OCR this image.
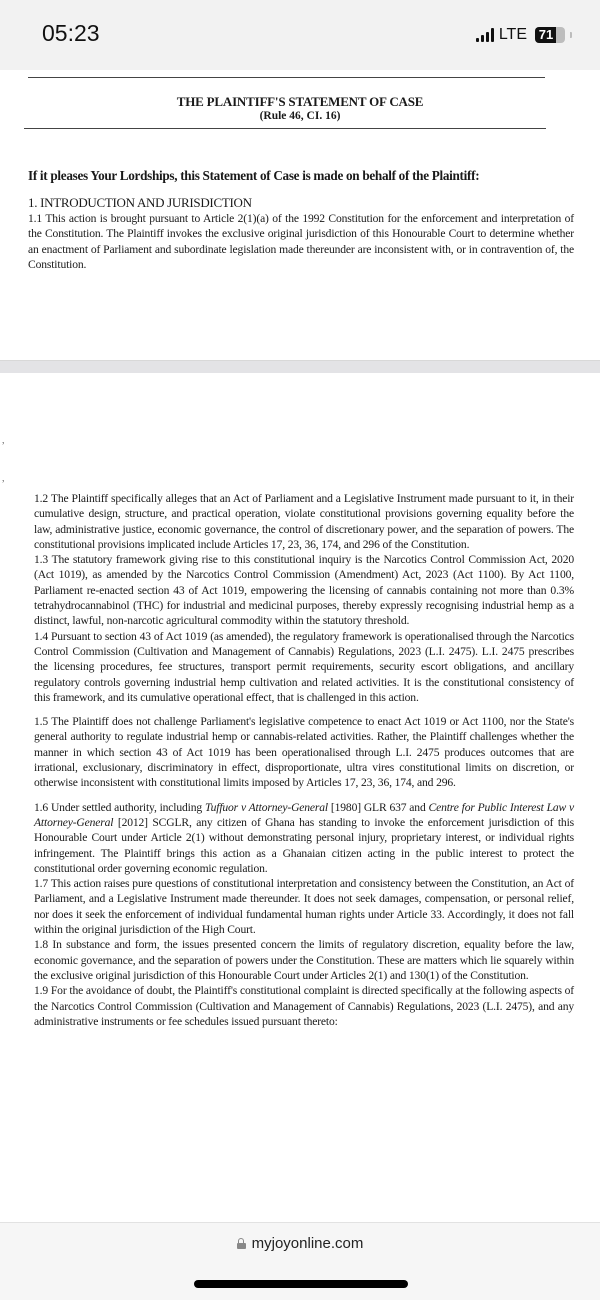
05:23	LTE 71
THE PLAINTIFF'S STATEMENT OF CASE
(Rule 46, CI. 16)
If it pleases Your Lordships, this Statement of Case is made on behalf of the Plaintiff:
1. INTRODUCTION AND JURISDICTION
1.1 This action is brought pursuant to Article 2(1)(a) of the 1992 Constitution for the enforcement and interpretation of the Constitution. The Plaintiff invokes the exclusive original jurisdiction of this Honourable Court to determine whether an enactment of Parliament and subordinate legislation made thereunder are inconsistent with, or in contravention of, the Constitution.
,
,

1.2 The Plaintiff specifically alleges that an Act of Parliament and a Legislative Instrument made pursuant to it, in their cumulative design, structure, and practical operation, violate constitutional provisions governing equality before the law, administrative justice, economic governance, the control of discretionary power, and the separation of powers. The constitutional provisions implicated include Articles 17, 23, 36, 174, and 296 of the Constitution.

1.3 The statutory framework giving rise to this constitutional inquiry is the Narcotics Control Commission Act, 2020 (Act 1019), as amended by the Narcotics Control Commission (Amendment) Act, 2023 (Act 1100). By Act 1100, Parliament re-enacted section 43 of Act 1019, empowering the licensing of cannabis containing not more than 0.3% tetrahydrocannabinol (THC) for industrial and medicinal purposes, thereby expressly recognising industrial hemp as a distinct, lawful, non-narcotic agricultural commodity within the statutory threshold.

1.4 Pursuant to section 43 of Act 1019 (as amended), the regulatory framework is operationalised through the Narcotics Control Commission (Cultivation and Management of Cannabis) Regulations, 2023 (L.I. 2475). L.I. 2475 prescribes the licensing procedures, fee structures, transport permit requirements, security escort obligations, and ancillary regulatory controls governing industrial hemp cultivation and related activities. It is the constitutional consistency of this framework, and its cumulative operational effect, that is challenged in this action.

1.5 The Plaintiff does not challenge Parliament's legislative competence to enact Act 1019 or Act 1100, nor the State's general authority to regulate industrial hemp or cannabis-related activities. Rather, the Plaintiff challenges whether the manner in which section 43 of Act 1019 has been operationalised through L.I. 2475 produces outcomes that are irrational, exclusionary, discriminatory in effect, disproportionate, ultra vires constitutional limits on discretion, or otherwise inconsistent with constitutional limits imposed by Articles 17, 23, 36, 174, and 296.

1.6 Under settled authority, including Tuffuor v Attorney-General [1980] GLR 637 and Centre for Public Interest Law v Attorney-General [2012] SCGLR, any citizen of Ghana has standing to invoke the enforcement jurisdiction of this Honourable Court under Article 2(1) without demonstrating personal injury, proprietary interest, or individual rights infringement. The Plaintiff brings this action as a Ghanaian citizen acting in the public interest to protect the constitutional order governing economic regulation.

1.7 This action raises pure questions of constitutional interpretation and consistency between the Constitution, an Act of Parliament, and a Legislative Instrument made thereunder. It does not seek damages, compensation, or personal relief, nor does it seek the enforcement of individual fundamental human rights under Article 33. Accordingly, it does not fall within the original jurisdiction of the High Court.

1.8 In substance and form, the issues presented concern the limits of regulatory discretion, equality before the law, economic governance, and the separation of powers under the Constitution. These are matters which lie squarely within the exclusive original jurisdiction of this Honourable Court under Articles 2(1) and 130(1) of the Constitution.

1.9 For the avoidance of doubt, the Plaintiff's constitutional complaint is directed specifically at the following aspects of the Narcotics Control Commission (Cultivation and Management of Cannabis) Regulations, 2023 (L.I. 2475), and any administrative instruments or fee schedules issued pursuant thereto:

myjoyonline.com
